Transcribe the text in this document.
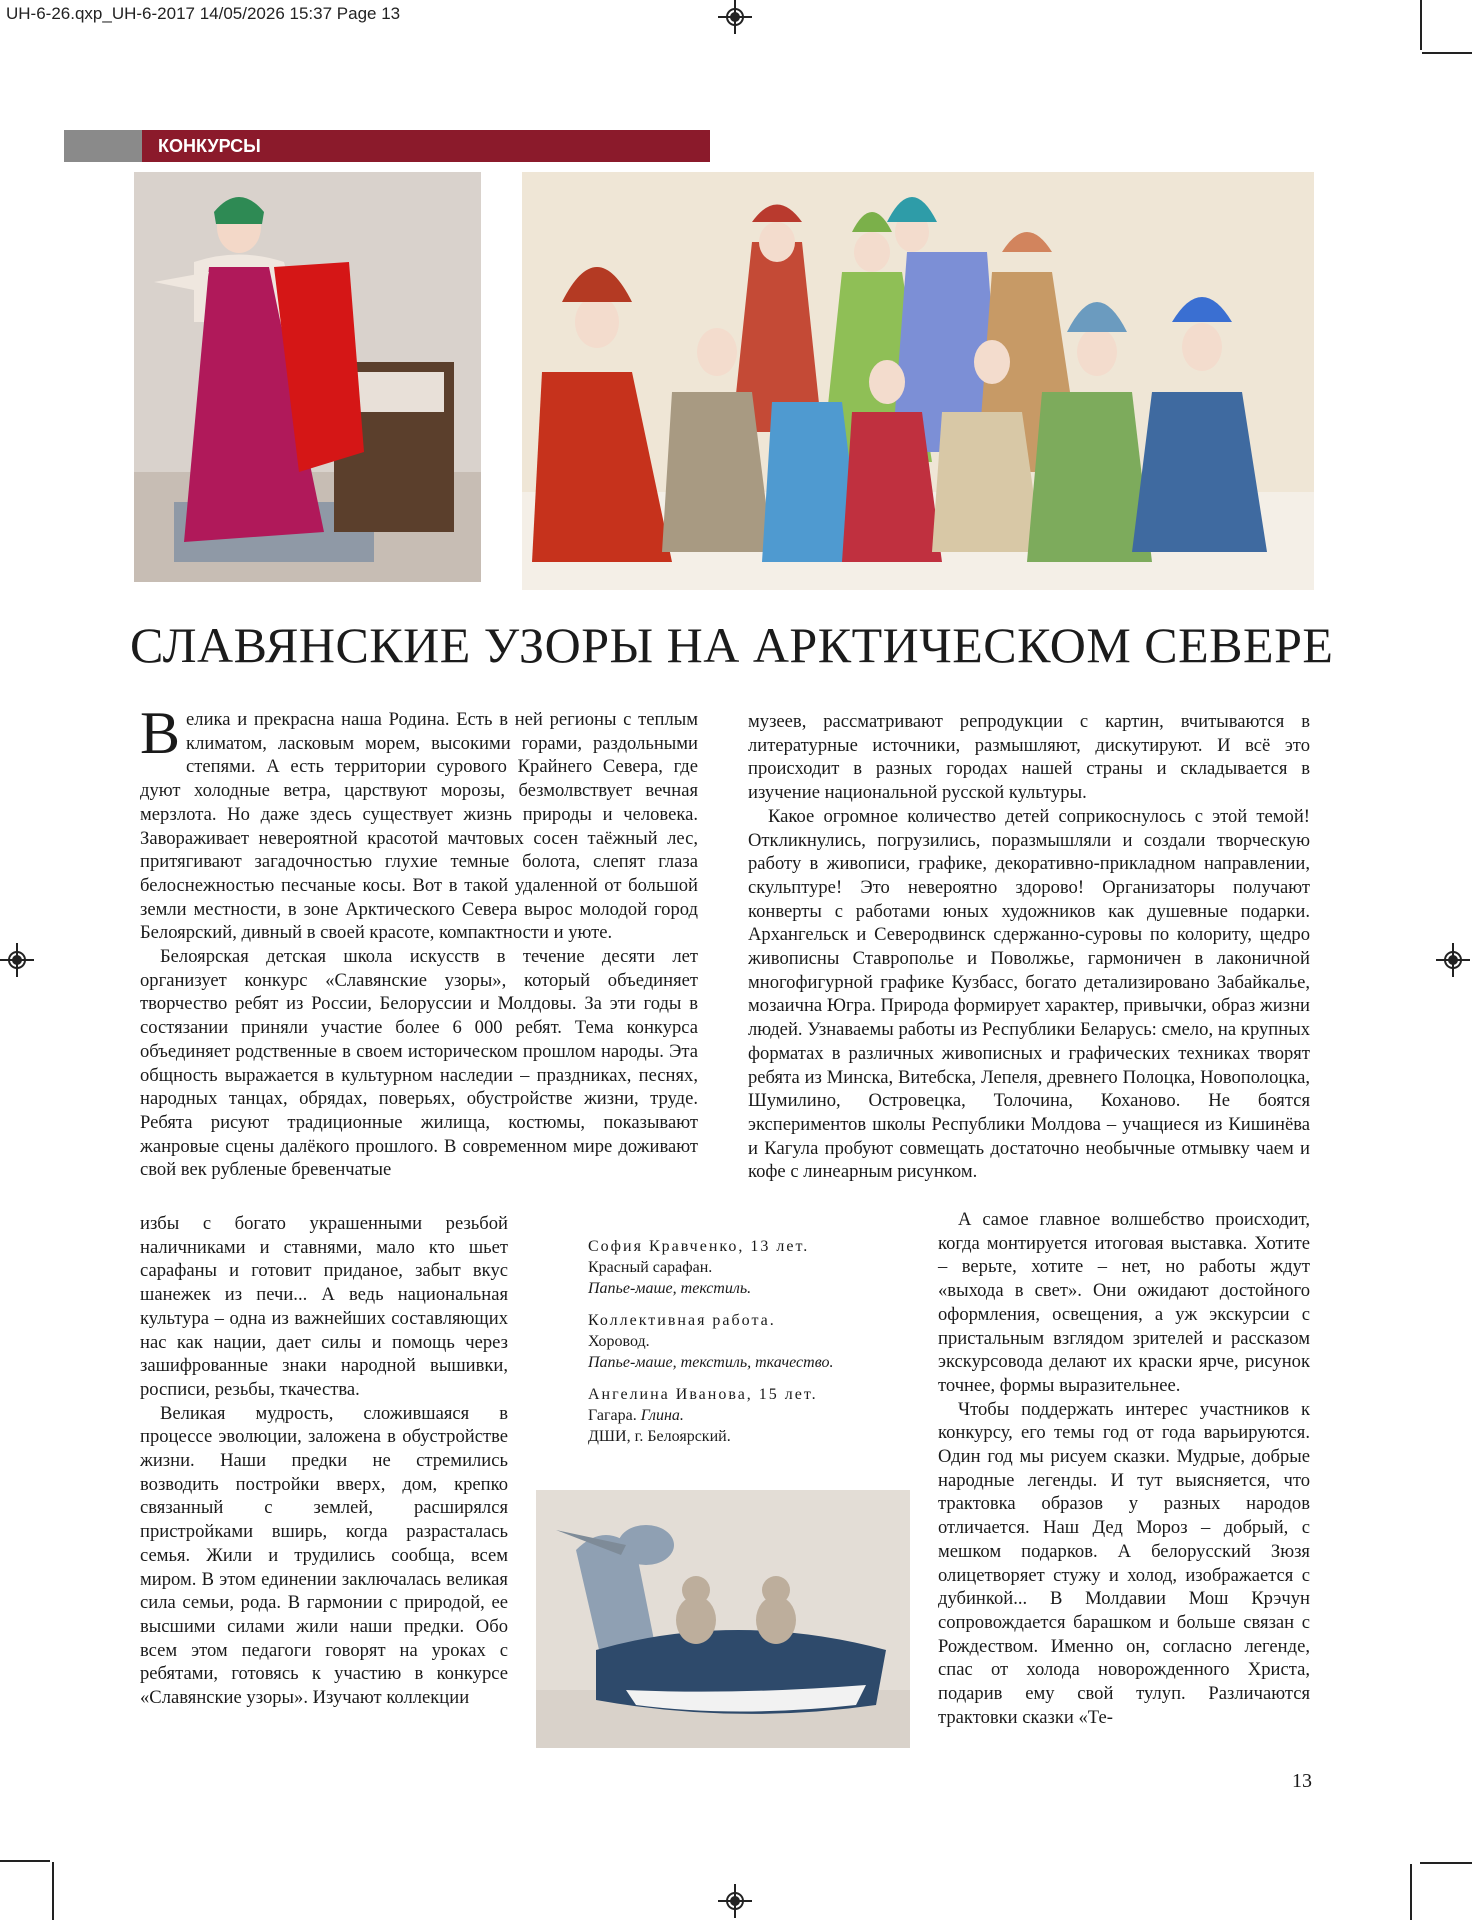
UH-6-26.qxp_UH-6-2017 14/05/2026 15:37 Page 13
КОНКУРСЫ
СЛАВЯНСКИЕ УЗОРЫ НА АРКТИЧЕСКОМ СЕВЕРЕ

Велика и прекрасна наша Родина. Есть в ней регионы с теплым климатом, ласковым морем, высокими горами, раздольными степями. А есть территории сурового Крайнего Севера, где дуют холодные ветра, царствуют морозы, безмолвствует вечная мерзлота. Но даже здесь существует жизнь природы и человека. Завораживает невероятной красотой мачтовых сосен таёжный лес, притягивают загадочностью глухие темные болота, слепят глаза белоснежностью песчаные косы. Вот в такой удаленной от большой земли местности, в зоне Арктического Севера вырос молодой город Белоярский, дивный в своей красоте, компактности и уюте.

Белоярская детская школа искусств в течение десяти лет организует конкурс «Славянские узоры», который объединяет творчество ребят из России, Белоруссии и Молдовы. За эти годы в состязании приняли участие более 6 000 ребят. Тема конкурса объединяет родственные в своем историческом прошлом народы. Эта общность выражается в культурном наследии – праздниках, песнях, народных танцах, обрядах, поверьях, обустройстве жизни, труде. Ребята рисуют традиционные жилища, костюмы, показывают жанровые сцены далёкого прошлого. В современном мире доживают свой век рубленые бревенчатые

избы с богато украшенными резьбой наличниками и ставнями, мало кто шьет сарафаны и готовит приданое, забыт вкус шанежек из печи... А ведь национальная культура – одна из важнейших составляющих нас как нации, дает силы и помощь через зашифрованные знаки народной вышивки, росписи, резьбы, ткачества.

Великая мудрость, сложившаяся в процессе эволюции, заложена в обустройстве жизни. Наши предки не стремились возводить постройки вверх, дом, крепко связанный с землей, расширялся пристройками вширь, когда разрасталась семья. Жили и трудились сообща, всем миром. В этом единении заключалась великая сила семьи, рода. В гармонии с природой, ее высшими силами жили наши предки. Обо всем этом педагоги говорят на уроках с ребятами, готовясь к участию в конкурсе «Славянские узоры». Изучают коллекции

музеев, рассматривают репродукции с картин, вчитываются в литературные источники, размышляют, дискутируют. И всё это происходит в разных городах нашей страны и складывается в изучение национальной русской культуры.

Какое огромное количество детей соприкоснулось с этой темой! Откликнулись, погрузились, поразмышляли и создали творческую работу в живописи, графике, декоративно-прикладном направлении, скульптуре! Это невероятно здорово! Организаторы получают конверты с работами юных художников как душевные подарки. Архангельск и Северодвинск сдержанно-суровы по колориту, щедро живописны Ставрополье и Поволжье, гармоничен в лаконичной многофигурной графике Кузбасс, богато детализировано Забайкалье, мозаична Югра. Природа формирует характер, привычки, образ жизни людей. Узнаваемы работы из Республики Беларусь: смело, на крупных форматах в различных живописных и графических техниках творят ребята из Минска, Витебска, Лепеля, древнего Полоцка, Новополоцка, Шумилино, Островецка, Толочина, Кохановo. Не боятся экспериментов школы Республики Молдова – учащиеся из Кишинёва и Кагула пробуют совмещать достаточно необычные отмывку чаем и кофе с линеарным рисунком.

А самое главное волшебство происходит, когда монтируется итоговая выставка. Хотите – верьте, хотите – нет, но работы ждут «выхода в свет». Они ожидают достойного оформления, освещения, а уж экскурсии с пристальным взглядом зрителей и рассказом экскурсовода делают их краски ярче, рисунок точнее, формы выразительнее.

Чтобы поддержать интерес участников к конкурсу, его темы год от года варьируются. Один год мы рисуем сказки. Мудрые, добрые народные легенды. И тут выясняется, что трактовка образов у разных народов отличается. Наш Дед Мороз – добрый, с мешком подарков. А белорусский Зюзя олицетворяет стужу и холод, изображается с дубинкой... В Молдавии Мош Крэчун сопровождается барашком и больше связан с Рождеством. Именно он, согласно легенде, спас от холода новорожденного Христа, подарив ему свой тулуп. Различаются трактовки сказки «Те-

София Кравченко, 13 лет.
Красный сарафан.
Папье-маше, текстиль.
Коллективная работа.
Хоровод.
Папье-маше, текстиль, ткачество.
Ангелина Иванова, 15 лет.
Гагара. Глина.
ДШИ, г. Белоярский.
13
